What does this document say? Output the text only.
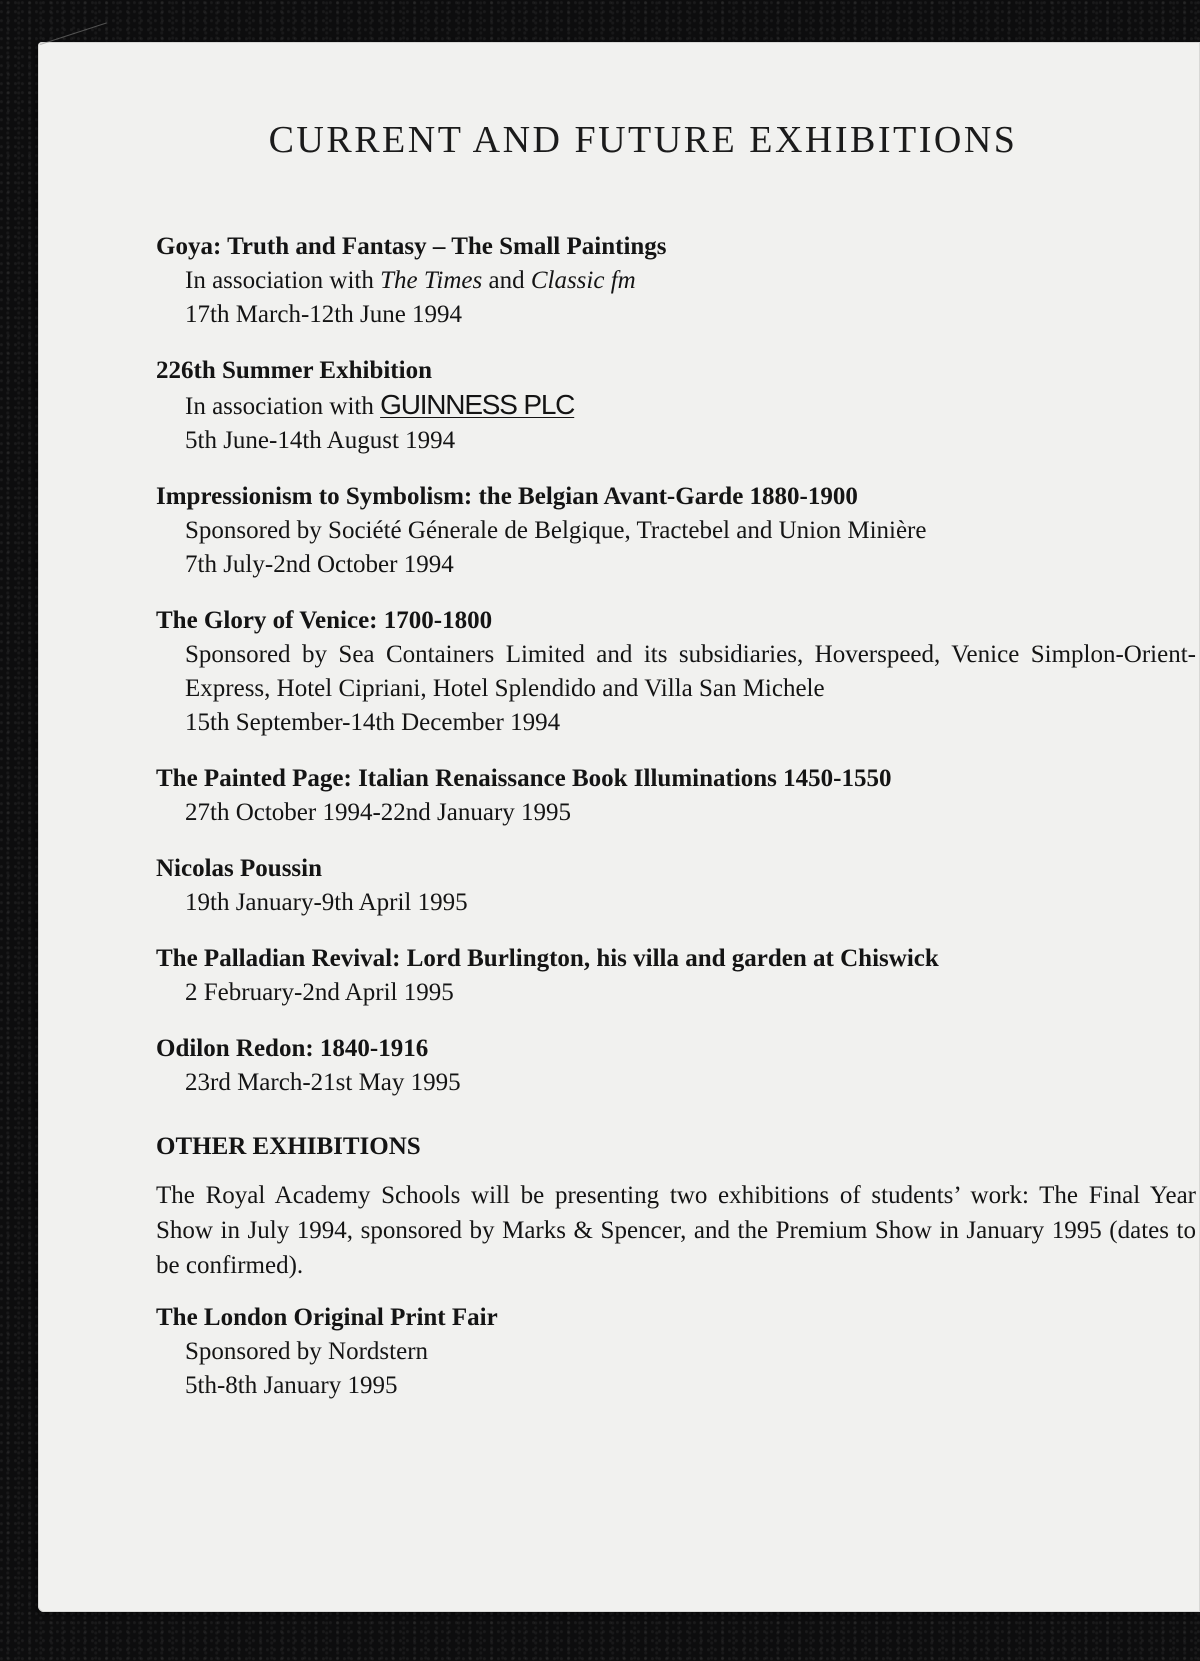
CURRENT AND FUTURE EXHIBITIONS
Goya: Truth and Fantasy – The Small Paintings
In association with The Times and Classic fm
17th March-12th June 1994
226th Summer Exhibition
In association with GUINNESS PLC
5th June-14th August 1994
Impressionism to Symbolism: the Belgian Avant-Garde 1880-1900
Sponsored by Société Génerale de Belgique, Tractebel and Union Minière
7th July-2nd October 1994
The Glory of Venice: 1700-1800
Sponsored by Sea Containers Limited and its subsidiaries, Hoverspeed, Venice Simplon-Orient-Express, Hotel Cipriani, Hotel Splendido and Villa San Michele
15th September-14th December 1994
The Painted Page: Italian Renaissance Book Illuminations 1450-1550
27th October 1994-22nd January 1995
Nicolas Poussin
19th January-9th April 1995
The Palladian Revival: Lord Burlington, his villa and garden at Chiswick
2 February-2nd April 1995
Odilon Redon: 1840-1916
23rd March-21st May 1995
OTHER EXHIBITIONS
The Royal Academy Schools will be presenting two exhibitions of students’ work: The Final Year Show in July 1994, sponsored by Marks & Spencer, and the Premium Show in January 1995 (dates to be confirmed).
The London Original Print Fair
Sponsored by Nordstern
5th-8th January 1995
